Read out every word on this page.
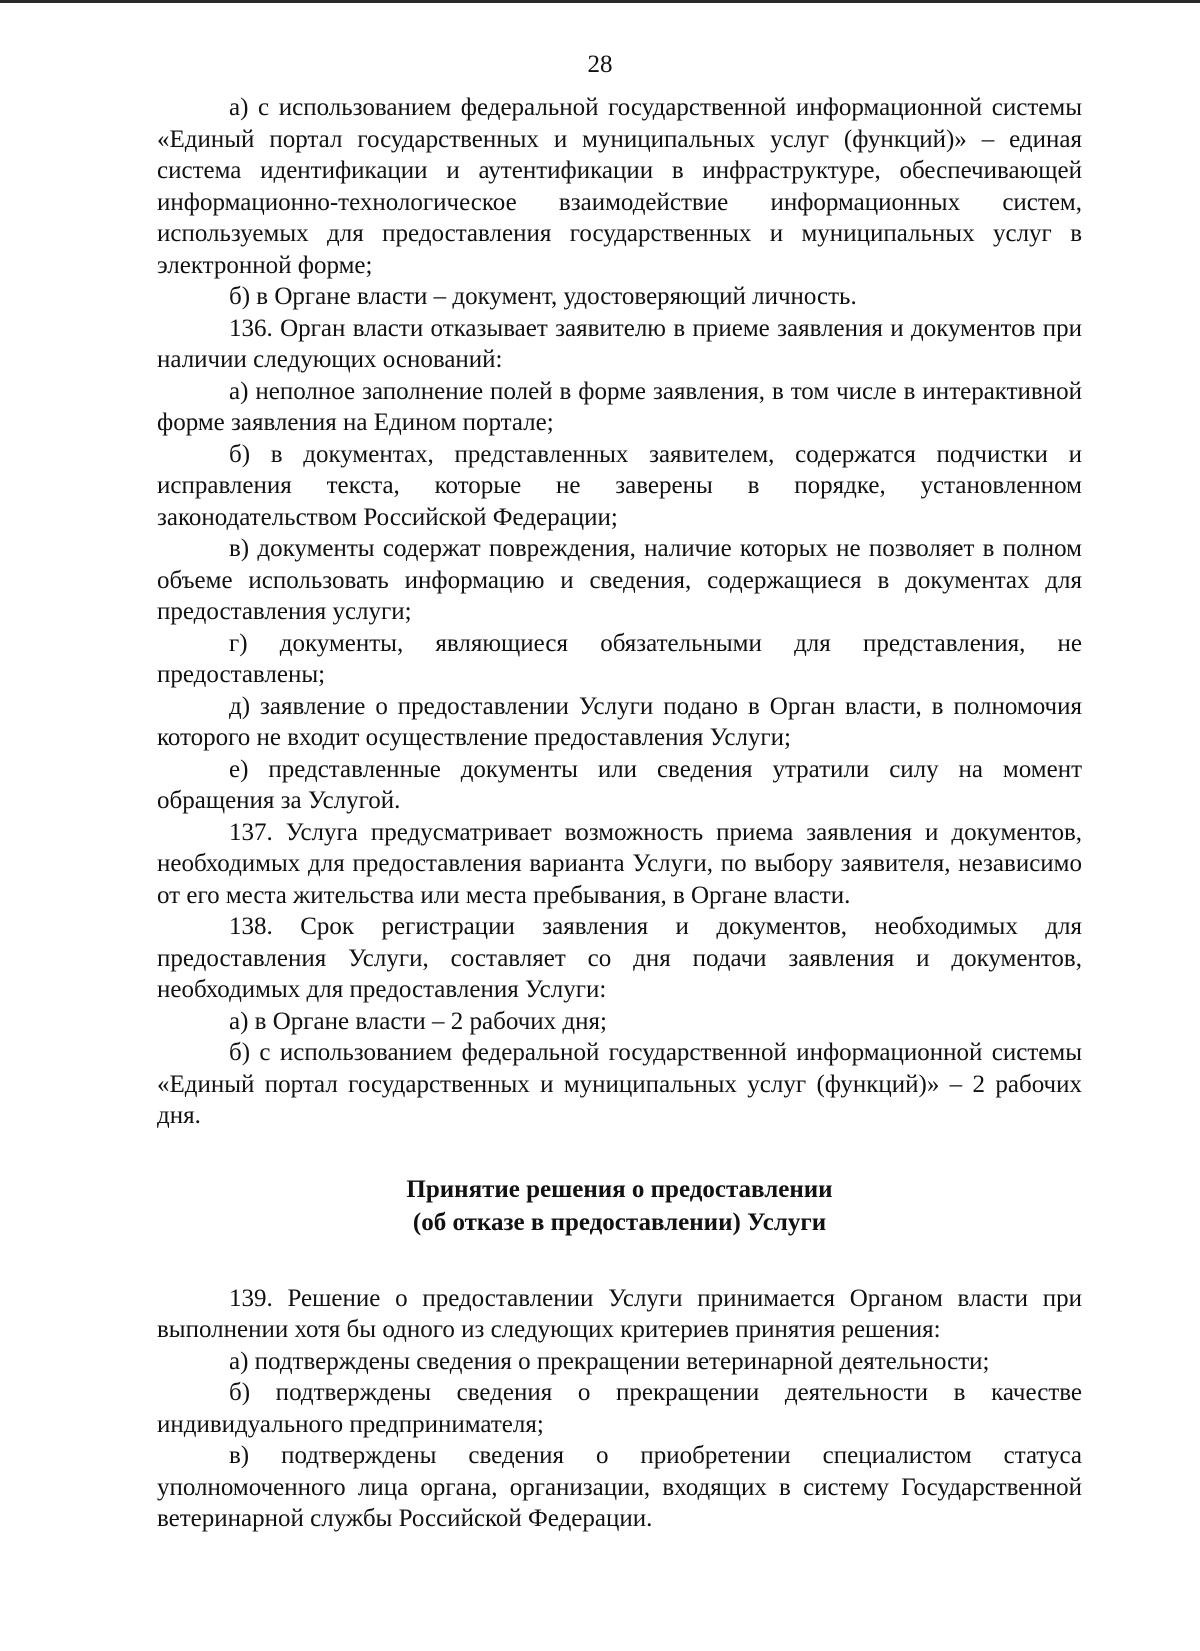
28

а) с использованием федеральной государственной информационной системы «Единый портал государственных и муниципальных услуг (функций)» – единая система идентификации и аутентификации в инфраструктуре, обеспечивающей информационно-технологическое взаимодействие информационных систем, используемых для предоставления государственных и муниципальных услуг в электронной форме;

б) в Органе власти – документ, удостоверяющий личность.

136. Орган власти отказывает заявителю в приеме заявления и документов при наличии следующих оснований:

а) неполное заполнение полей в форме заявления, в том числе в интерактивной форме заявления на Едином портале;

б) в документах, представленных заявителем, содержатся подчистки и исправления текста, которые не заверены в порядке, установленном законодательством Российской Федерации;

в) документы содержат повреждения, наличие которых не позволяет в полном объеме использовать информацию и сведения, содержащиеся в документах для предоставления услуги;

г) документы, являющиеся обязательными для представления, не предоставлены;

д) заявление о предоставлении Услуги подано в Орган власти, в полномочия которого не входит осуществление предоставления Услуги;

е) представленные документы или сведения утратили силу на момент обращения за Услугой.

137. Услуга предусматривает возможность приема заявления и документов, необходимых для предоставления варианта Услуги, по выбору заявителя, независимо от его места жительства или места пребывания, в Органе власти.

138. Срок регистрации заявления и документов, необходимых для предоставления Услуги, составляет со дня подачи заявления и документов, необходимых для предоставления Услуги:

а) в Органе власти – 2 рабочих дня;

б) с использованием федеральной государственной информационной системы «Единый портал государственных и муниципальных услуг (функций)» – 2 рабочих дня.

Принятие решения о предоставлении
(об отказе в предоставлении) Услуги

139. Решение о предоставлении Услуги принимается Органом власти при выполнении хотя бы одного из следующих критериев принятия решения:

а) подтверждены сведения о прекращении ветеринарной деятельности;

б) подтверждены сведения о прекращении деятельности в качестве индивидуального предпринимателя;

в) подтверждены сведения о приобретении специалистом статуса уполномоченного лица органа, организации, входящих в систему Государственной ветеринарной службы Российской Федерации.
